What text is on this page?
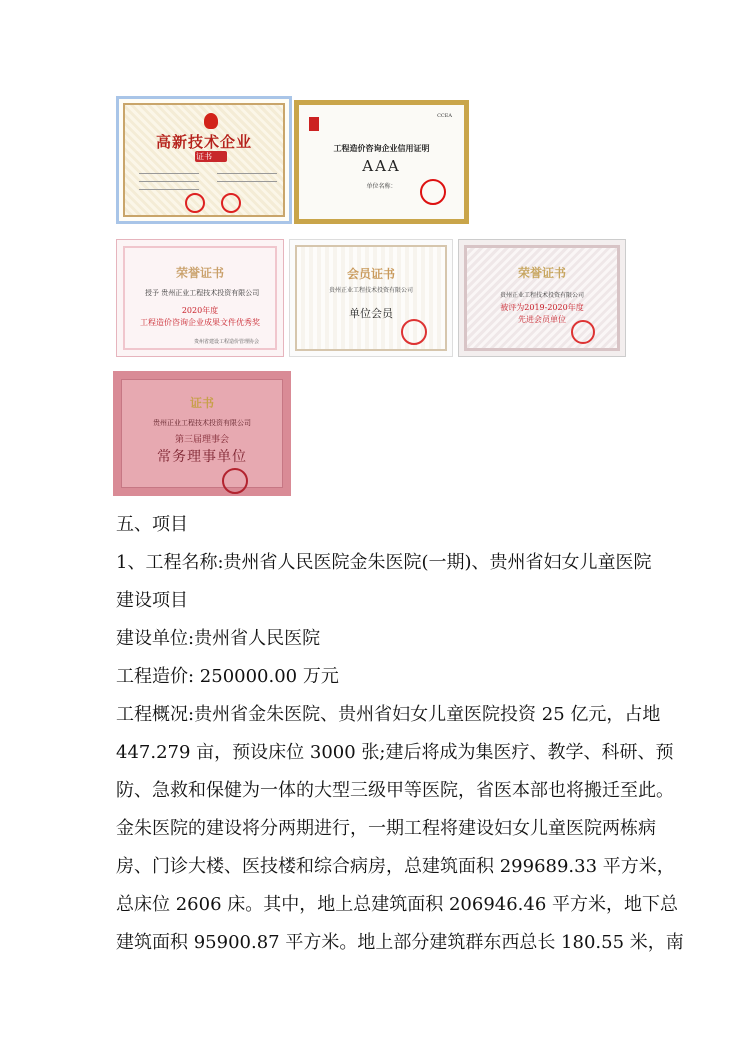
高新技术企业
证书
CCEA
工程造价咨询企业信用证明
AAA
单位名称：
荣誉证书
授予 贵州正业工程技术投资有限公司
2020年度
工程造价咨询企业成果文件优秀奖
贵州省建设工程造价管理协会
会员证书
贵州正业工程技术投资有限公司
单位会员
荣誉证书
贵州正业工程技术投资有限公司
被评为2019-2020年度
先进会员单位
证书
贵州正业工程技术投资有限公司
第三届理事会
常务理事单位
五、项目
1、工程名称:贵州省人民医院金朱医院(一期)、贵州省妇女儿童医院
建设项目
建设单位:贵州省人民医院
工程造价: 250000.00 万元
工程概况:贵州省金朱医院、贵州省妇女儿童医院投资 25 亿元，占地
447.279 亩，预设床位 3000 张;建后将成为集医疗、教学、科研、预
防、急救和保健为一体的大型三级甲等医院，省医本部也将搬迁至此。
金朱医院的建设将分两期进行，一期工程将建设妇女儿童医院两栋病
房、门诊大楼、医技楼和综合病房，总建筑面积 299689.33 平方米，
总床位 2606 床。其中，地上总建筑面积 206946.46 平方米，地下总
建筑面积 95900.87 平方米。地上部分建筑群东西总长 180.55 米，南
